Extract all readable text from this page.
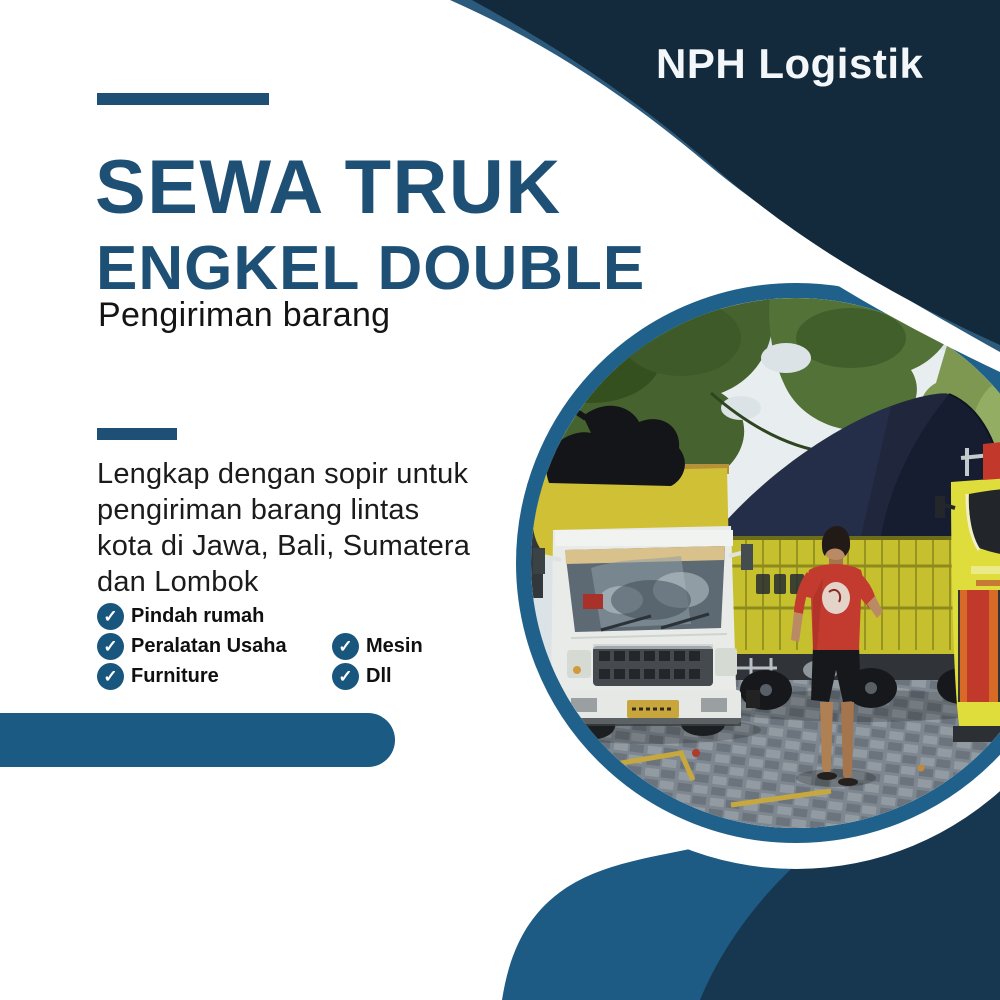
NPH Logistik
SEWA TRUK
ENGKEL DOUBLE
Pengiriman barang
Lengkap dengan sopir untuk
pengiriman barang lintas
kota di Jawa, Bali, Sumatera
dan Lombok
✓ Pindah rumah
✓ Peralatan Usaha	✓ Mesin
✓ Furniture	✓ Dll
